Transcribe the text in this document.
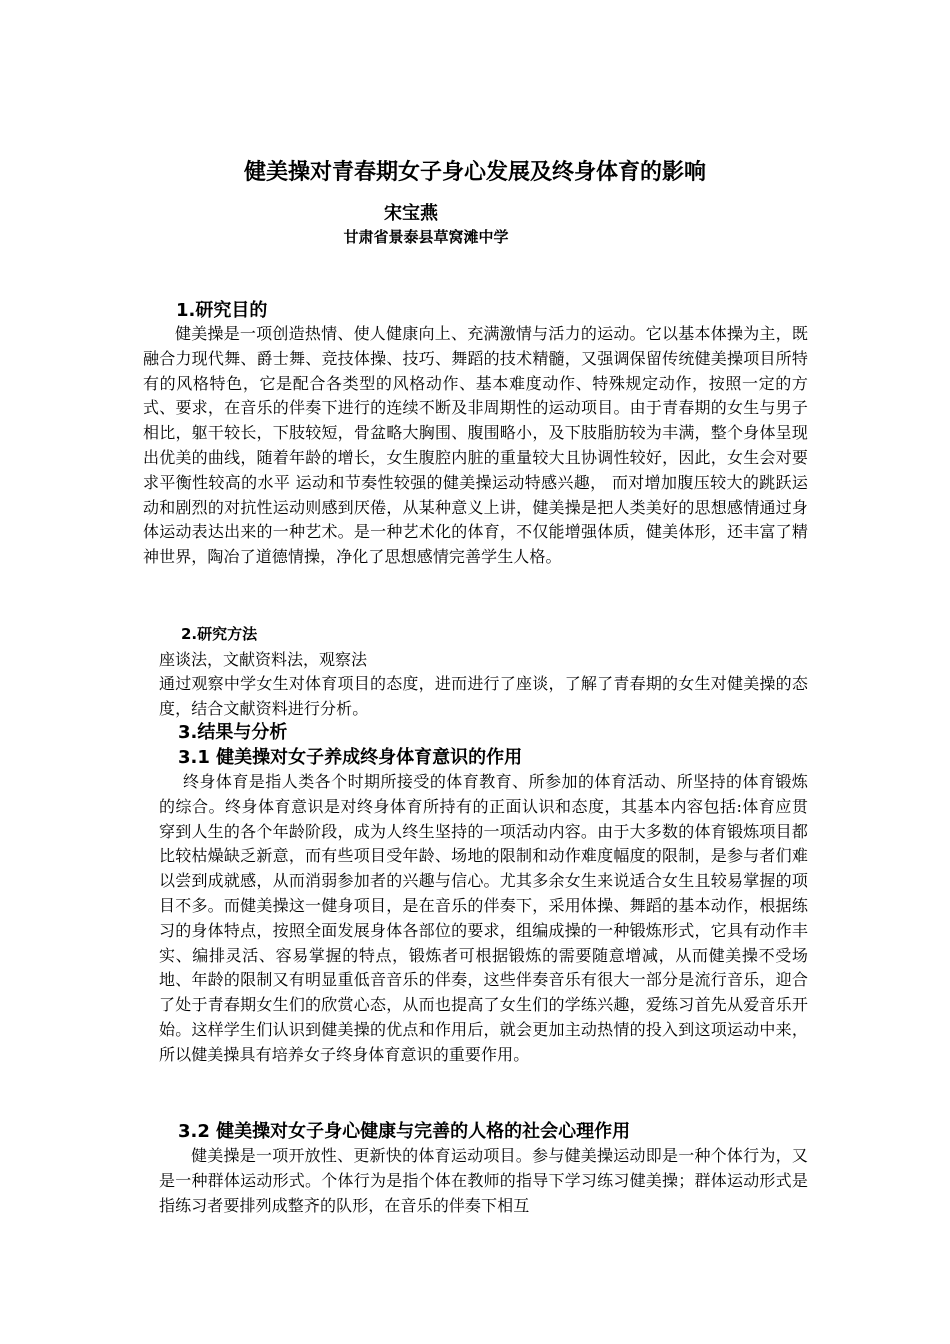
健美操对青春期女子身心发展及终身体育的影响
宋宝燕
甘肃省景泰县草窝滩中学
1.研究目的

健美操是一项创造热情、使人健康向上、充满激情与活力的运动。它以基本体操为主，既融合力现代舞、爵士舞、竞技体操、技巧、舞蹈的技术精髓，又强调保留传统健美操项目所特有的风格特色，它是配合各类型的风格动作、基本难度动作、特殊规定动作，按照一定的方式、要求，在音乐的伴奏下进行的连续不断及非周期性的运动项目。由于青春期的女生与男子相比，躯干较长，下肢较短，骨盆略大胸围、腹围略小，及下肢脂肪较为丰满，整个身体呈现出优美的曲线，随着年龄的增长，女生腹腔内脏的重量较大且协调性较好，因此，女生会对要求平衡性较高的水平 运动和节奏性较强的健美操运动特感兴趣， 而对增加腹压较大的跳跃运动和剧烈的对抗性运动则感到厌倦，从某种意义上讲，健美操是把人类美好的思想感情通过身体运动表达出来的一种艺术。是一种艺术化的体育，不仅能增强体质，健美体形，还丰富了精神世界，陶冶了道德情操，净化了思想感情完善学生人格。

2.研究方法
座谈法，文献资料法，观察法

通过观察中学女生对体育项目的态度，进而进行了座谈，了解了青春期的女生对健美操的态度，结合文献资料进行分析。

3.结果与分析
3.1 健美操对女子养成终身体育意识的作用

终身体育是指人类各个时期所接受的体育教育、所参加的体育活动、所坚持的体育锻炼的综合。终身体育意识是对终身体育所持有的正面认识和态度，其基本内容包括:体育应贯穿到人生的各个年龄阶段，成为人终生坚持的一项活动内容。由于大多数的体育锻炼项目都比较枯燥缺乏新意，而有些项目受年龄、场地的限制和动作难度幅度的限制，是参与者们难以尝到成就感，从而消弱参加者的兴趣与信心。尤其多余女生来说适合女生且较易掌握的项目不多。而健美操这一健身项目，是在音乐的伴奏下，采用体操、舞蹈的基本动作，根据练习的身体特点，按照全面发展身体各部位的要求，组编成操的一种锻炼形式，它具有动作丰实、编排灵活、容易掌握的特点，锻炼者可根据锻炼的需要随意增减，从而健美操不受场地、年龄的限制又有明显重低音音乐的伴奏，这些伴奏音乐有很大一部分是流行音乐，迎合了处于青春期女生们的欣赏心态，从而也提高了女生们的学练兴趣，爱练习首先从爱音乐开始。这样学生们认识到健美操的优点和作用后，就会更加主动热情的投入到这项运动中来，所以健美操具有培养女子终身体育意识的重要作用。

3.2 健美操对女子身心健康与完善的人格的社会心理作用

健美操是一项开放性、更新快的体育运动项目。参与健美操运动即是一种个体行为，又是一种群体运动形式。个体行为是指个体在教师的指导下学习练习健美操；群体运动形式是指练习者要排列成整齐的队形，在音乐的伴奏下相互
